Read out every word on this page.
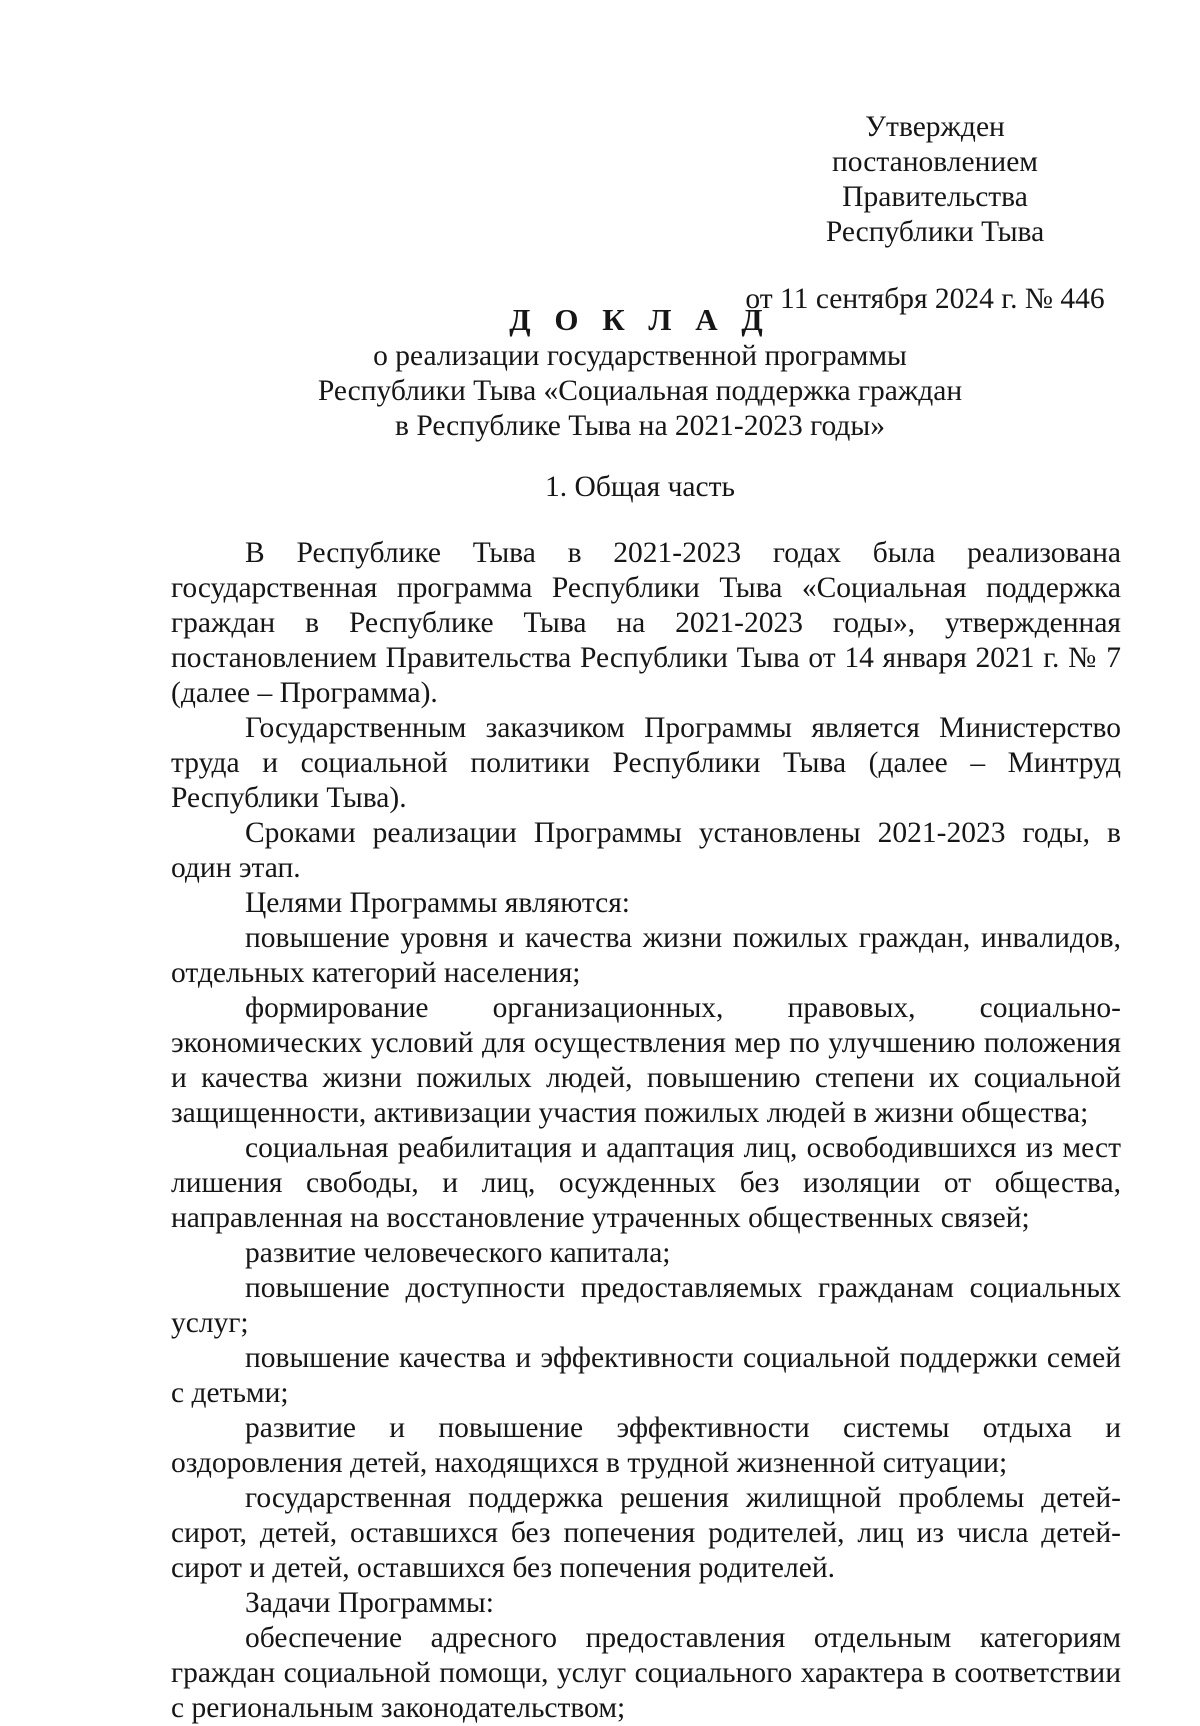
Утвержден
постановлением Правительства
Республики Тыва
от 11 сентября 2024 г. № 446
Д О К Л А Д
о реализации государственной программы
Республики Тыва «Социальная поддержка граждан
в Республике Тыва на 2021-2023 годы»
1. Общая часть

В Республике Тыва в 2021-2023 годах была реализована государственная программа Республики Тыва «Социальная поддержка граждан в Республике Тыва на 2021-2023 годы», утвержденная постановлением Правительства Республики Тыва от 14 января 2021 г. № 7 (далее – Программа).

Государственным заказчиком Программы является Министерство труда и социальной политики Республики Тыва (далее – Минтруд Республики Тыва).

Сроками реализации Программы установлены 2021-2023 годы, в один этап.

Целями Программы являются:

повышение уровня и качества жизни пожилых граждан, инвалидов, отдельных категорий населения;

формирование организационных, правовых, социально-экономических условий для осуществления мер по улучшению положения и качества жизни пожилых людей, повышению степени их социальной защищенности, активизации участия пожилых людей в жизни общества;

социальная реабилитация и адаптация лиц, освободившихся из мест лишения свободы, и лиц, осужденных без изоляции от общества, направленная на восстановление утраченных общественных связей;

развитие человеческого капитала;

повышение доступности предоставляемых гражданам социальных услуг;

повышение качества и эффективности социальной поддержки семей с детьми;

развитие и повышение эффективности системы отдыха и оздоровления детей, находящихся в трудной жизненной ситуации;

государственная поддержка решения жилищной проблемы детей-сирот, детей, оставшихся без попечения родителей, лиц из числа детей-сирот и детей, оставшихся без попечения родителей.

Задачи Программы:

обеспечение адресного предоставления отдельным категориям граждан социальной помощи, услуг социального характера в соответствии с региональным законодательством;
